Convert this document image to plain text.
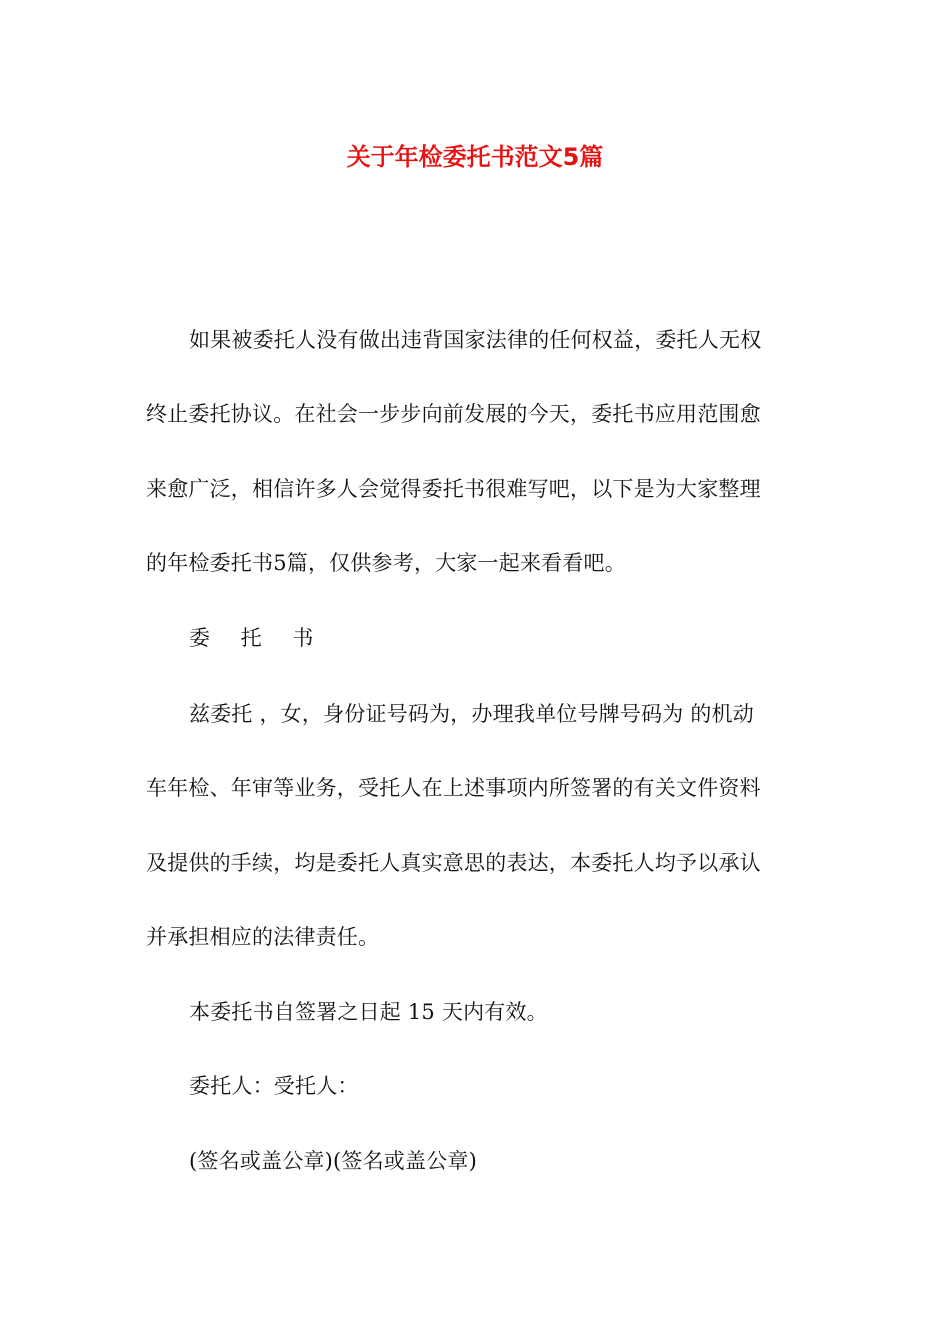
关于年检委托书范文5篇
如果被委托人没有做出违背国家法律的任何权益，委托人无权
终止委托协议。在社会一步步向前发展的今天，委托书应用范围愈
来愈广泛，相信许多人会觉得委托书很难写吧，以下是为大家整理
的年检委托书5篇，仅供参考，大家一起来看看吧。
委 托 书
兹委托 ，女，身份证号码为，办理我单位号牌号码为 的机动
车年检、年审等业务，受托人在上述事项内所签署的有关文件资料
及提供的手续，均是委托人真实意思的表达，本委托人均予以承认
并承担相应的法律责任。
本委托书自签署之日起 15 天内有效。
委托人：受托人：
(签名或盖公章)(签名或盖公章)
